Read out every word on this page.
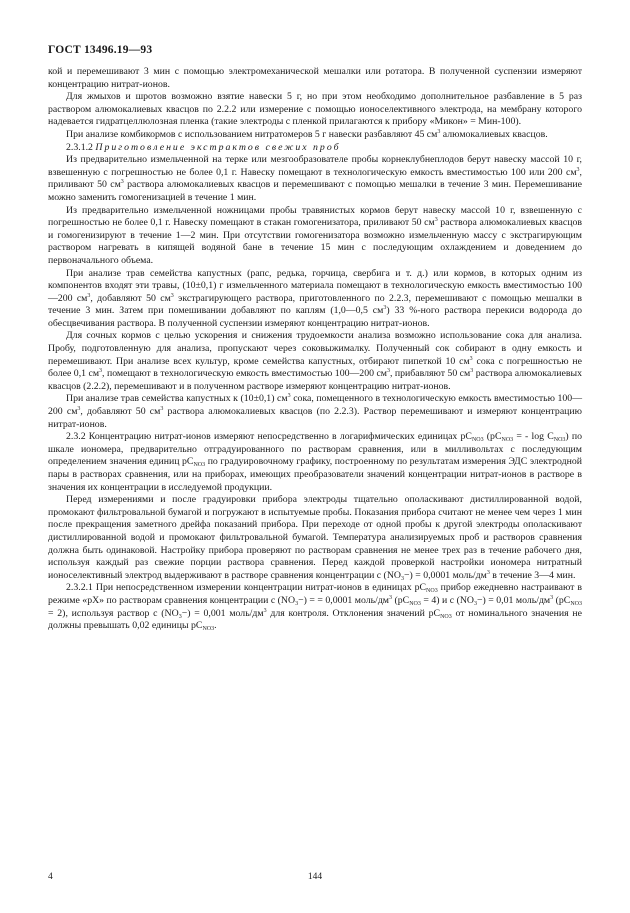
ГОСТ 13496.19—93

кой и перемешивают 3 мин с помощью электромеханической мешалки или ротатора. В полученной суспензии измеряют концентрацию нитрат-ионов.

Для жмыхов и шротов возможно взятие навески 5 г, но при этом необходимо дополнительное разбавление в 5 раз раствором алюмокалиевых квасцов по 2.2.2 или измерение с помощью ионоселективного электрода, на мембрану которого надевается гидратцеллюлозная пленка (такие электроды с пленкой прилагаются к прибору «Микон» = Мин-100).

При анализе комбикормов с использованием нитратомеров 5 г навески разбавляют 45 $см^3$ алюмокалиевых квасцов.

2.3.1.2 Приготовление экстрактов свежих проб

Из предварительно измельченной на терке или мезгообразователе пробы корнеклубнеплодов берут навеску массой 10 г, взвешенную с погрешностью не более 0,1 г. Навеску помещают в технологическую емкость вместимостью 100 или 200 $см^3$, приливают 50 $см^3$ раствора алюмокалиевых квасцов и перемешивают с помощью мешалки в течение 3 мин. Перемешивание можно заменить гомогенизацией в течение 1 мин.

Из предварительно измельченной ножницами пробы травянистых кормов берут навеску массой 10 г, взвешенную с погрешностью не более 0,1 г. Навеску помещают в стакан гомогенизатора, приливают 50 $см^3$ раствора алюмокалиевых квасцов и гомогенизируют в течение 1—2 мин. При отсутствии гомогенизатора возможно измельченную массу с экстрагирующим раствором нагревать в кипящей водяной бане в течение 15 мин с последующим охлаждением и доведением до первоначального объема.

При анализе трав семейства капустных (рапс, редька, горчица, свербига и т. д.) или кормов, в которых одним из компонентов входят эти травы, (10±0,1) г измельченного материала помещают в технологическую емкость вместимостью 100—200 $см^3$, добавляют 50 $см^3$ экстрагирующего раствора, приготовленного по 2.2.3, перемешивают с помощью мешалки в течение 3 мин. Затем при помешивании добавляют по каплям (1,0—0,5 $см^3$) 33 %-ного раствора перекиси водорода до обесцвечивания раствора. В полученной суспензии измеряют концентрацию нитрат-ионов.

Для сочных кормов с целью ускорения и снижения трудоемкости анализа возможно использование сока для анализа. Пробу, подготовленную для анализа, пропускают через соковыжималку. Полученный сок собирают в одну емкость и перемешивают. При анализе всех культур, кроме семейства капустных, отбирают пипеткой 10 $см^3$ сока с погрешностью не более 0,1 $см^3$, помещают в технологическую емкость вместимостью 100—200 $см^3$, прибавляют 50 $см^3$ раствора алюмокалиевых квасцов (2.2.2), перемешивают и в полученном растворе измеряют концентрацию нитрат-ионов.

При анализе трав семейства капустных к (10±0,1) $см^3$ сока, помещенного в технологическую емкость вместимостью 100—200 $см^3$, добавляют 50 $см^3$ раствора алюмокалиевых квасцов (по 2.2.3). Раствор перемешивают и измеряют концентрацию нитрат-ионов.

2.3.2 Концентрацию нитрат-ионов измеряют непосредственно в логарифмических единицах $pC_{NO3}$ ($pC_{NO3}$ = - $\log C_{NO3}$) по шкале иономера, предварительно отградуированного по растворам сравнения, или в милливольтах с последующим определением значения единиц $pC_{NO3}$ по градуировочному графику, построенному по результатам измерения ЭДС электродной пары в растворах сравнения, или на приборах, имеющих преобразователи значений концентрации нитрат-ионов в растворе в значения их концентрации в исследуемой продукции.

Перед измерениями и после градуировки прибора электроды тщательно ополаскивают дистиллированной водой, промокают фильтровальной бумагой и погружают в испытуемые пробы. Показания прибора считают не менее чем через 1 мин после прекращения заметного дрейфа показаний прибора. При переходе от одной пробы к другой электроды ополаскивают дистиллированной водой и промокают фильтровальной бумагой. Температура анализируемых проб и растворов сравнения должна быть одинаковой. Настройку прибора проверяют по растворам сравнения не менее трех раз в течение рабочего дня, используя каждый раз свежие порции раствора сравнения. Перед каждой проверкой настройки иономера нитратный ионоселективный электрод выдерживают в растворе сравнения концентрации c $(NO_3-) = 0,0001$ моль/$дм^3$ в течение 3—4 мин.

2.3.2.1 При непосредственном измерении концентрации нитрат-ионов в единицах $pC_{NO3}$ прибор ежедневно настраивают в режиме «pX» по растворам сравнения концентрации c $(NO_3-)$ = = 0,0001 моль/$дм^3$ $(pC_{NO3} = 4)$ и c $(NO_3-) = 0,01$ моль/$дм^3$ $(pC_{NO3} = 2)$, используя раствор c $(NO_3-) = 0,001$ моль/$дм^3$ для контроля. Отклонения значений $pC_{NO3}$ от номинального значения не должны превышать 0,02 единицы $pC_{NO3}$.

144
4
